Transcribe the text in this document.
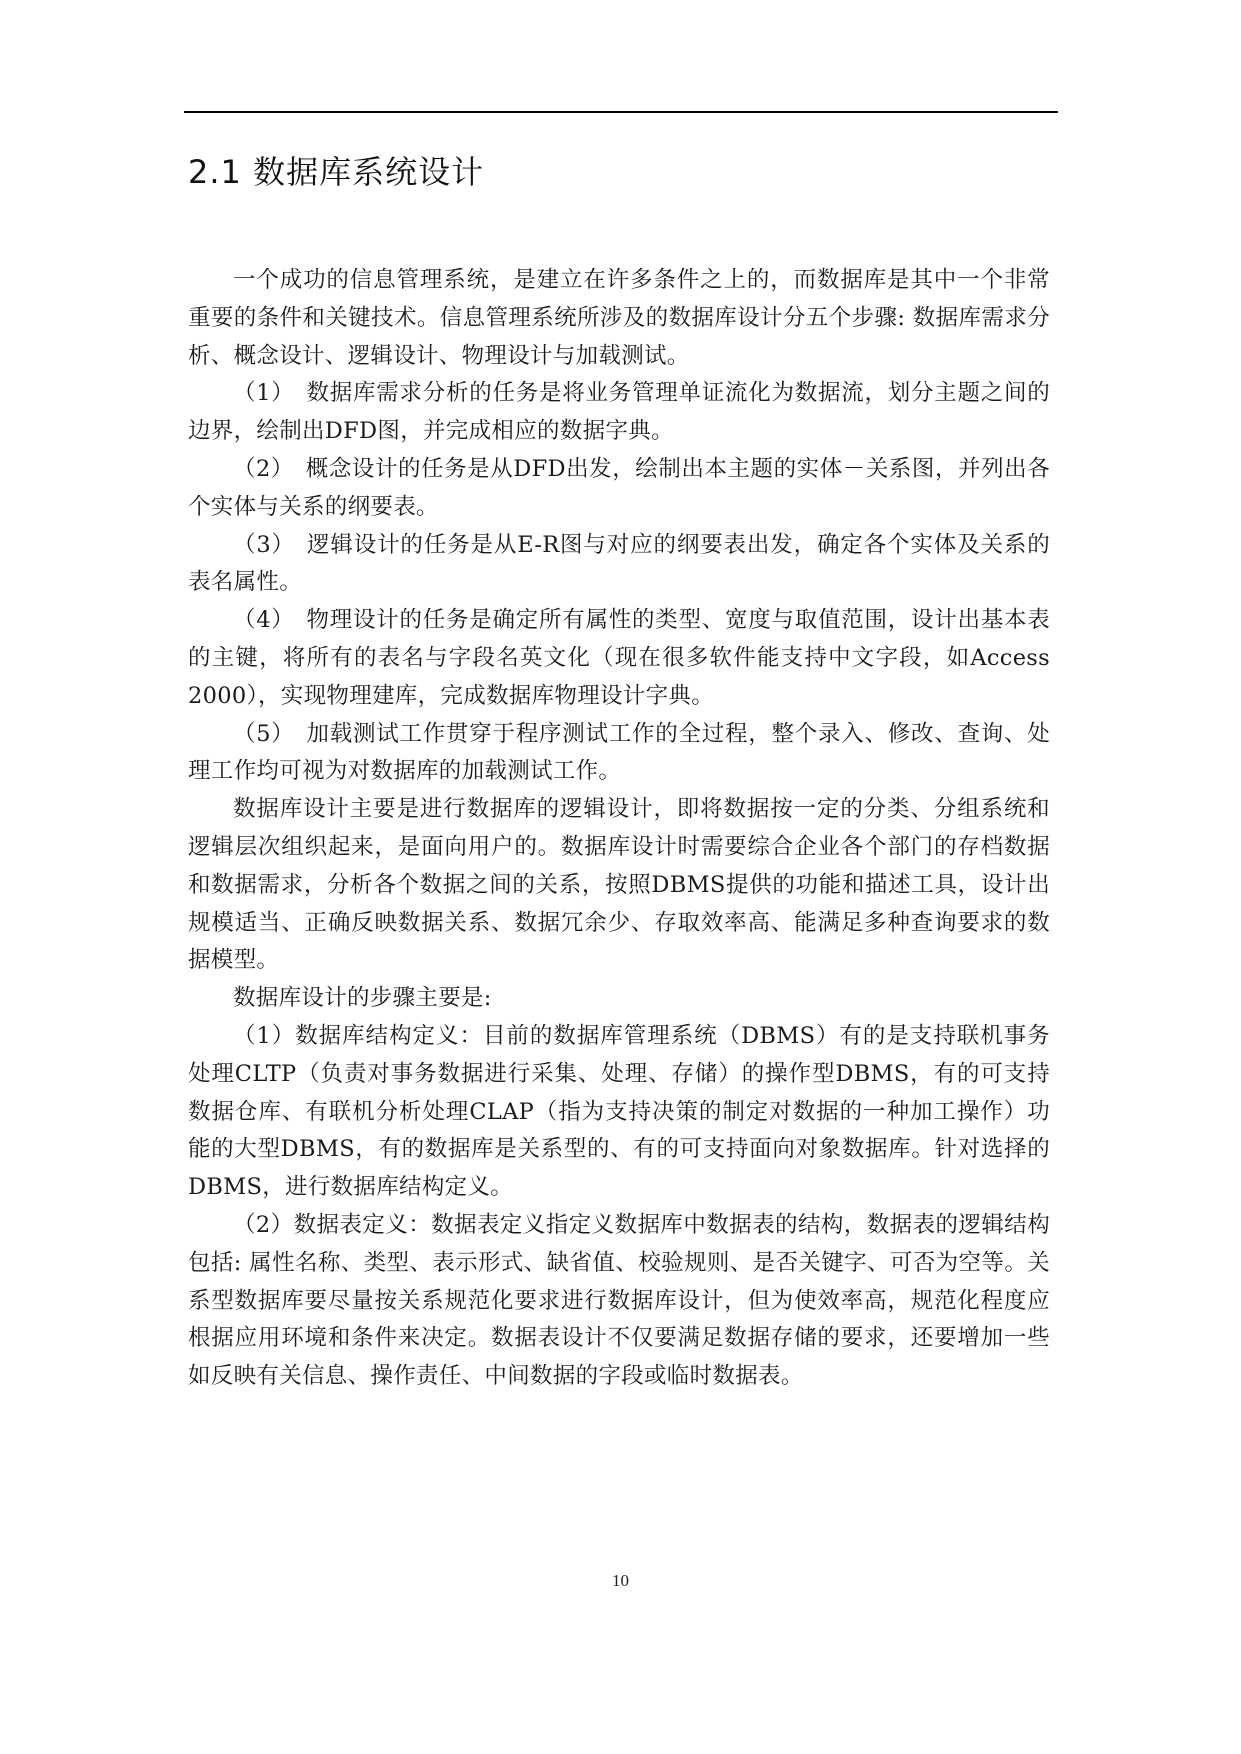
2.1 数据库系统设计

一个成功的信息管理系统，是建立在许多条件之上的，而数据库是其中一个非常重要的条件和关键技术。信息管理系统所涉及的数据库设计分五个步骤: 数据库需求分析、概念设计、逻辑设计、物理设计与加载测试。

（1）　数据库需求分析的任务是将业务管理单证流化为数据流，划分主题之间的边界，绘制出DFD图，并完成相应的数据字典。

（2）　概念设计的任务是从DFD出发，绘制出本主题的实体－关系图，并列出各个实体与关系的纲要表。

（3）　逻辑设计的任务是从E-R图与对应的纲要表出发，确定各个实体及关系的表名属性。

（4）　物理设计的任务是确定所有属性的类型、宽度与取值范围，设计出基本表的主键，将所有的表名与字段名英文化（现在很多软件能支持中文字段，如Access 2000），实现物理建库，完成数据库物理设计字典。

（5）　加载测试工作贯穿于程序测试工作的全过程，整个录入、修改、查询、处理工作均可视为对数据库的加载测试工作。

数据库设计主要是进行数据库的逻辑设计，即将数据按一定的分类、分组系统和逻辑层次组织起来，是面向用户的。数据库设计时需要综合企业各个部门的存档数据和数据需求，分析各个数据之间的关系，按照DBMS提供的功能和描述工具，设计出规模适当、正确反映数据关系、数据冗余少、存取效率高、能满足多种查询要求的数据模型。

数据库设计的步骤主要是:

（1）数据库结构定义：目前的数据库管理系统（DBMS）有的是支持联机事务处理CLTP（负责对事务数据进行采集、处理、存储）的操作型DBMS，有的可支持数据仓库、有联机分析处理CLAP（指为支持决策的制定对数据的一种加工操作）功能的大型DBMS，有的数据库是关系型的、有的可支持面向对象数据库。针对选择的DBMS，进行数据库结构定义。

（2）数据表定义：数据表定义指定义数据库中数据表的结构，数据表的逻辑结构包括: 属性名称、类型、表示形式、缺省值、校验规则、是否关键字、可否为空等。关系型数据库要尽量按关系规范化要求进行数据库设计，但为使效率高，规范化程度应根据应用环境和条件来决定。数据表设计不仅要满足数据存储的要求，还要增加一些如反映有关信息、操作责任、中间数据的字段或临时数据表。

10
